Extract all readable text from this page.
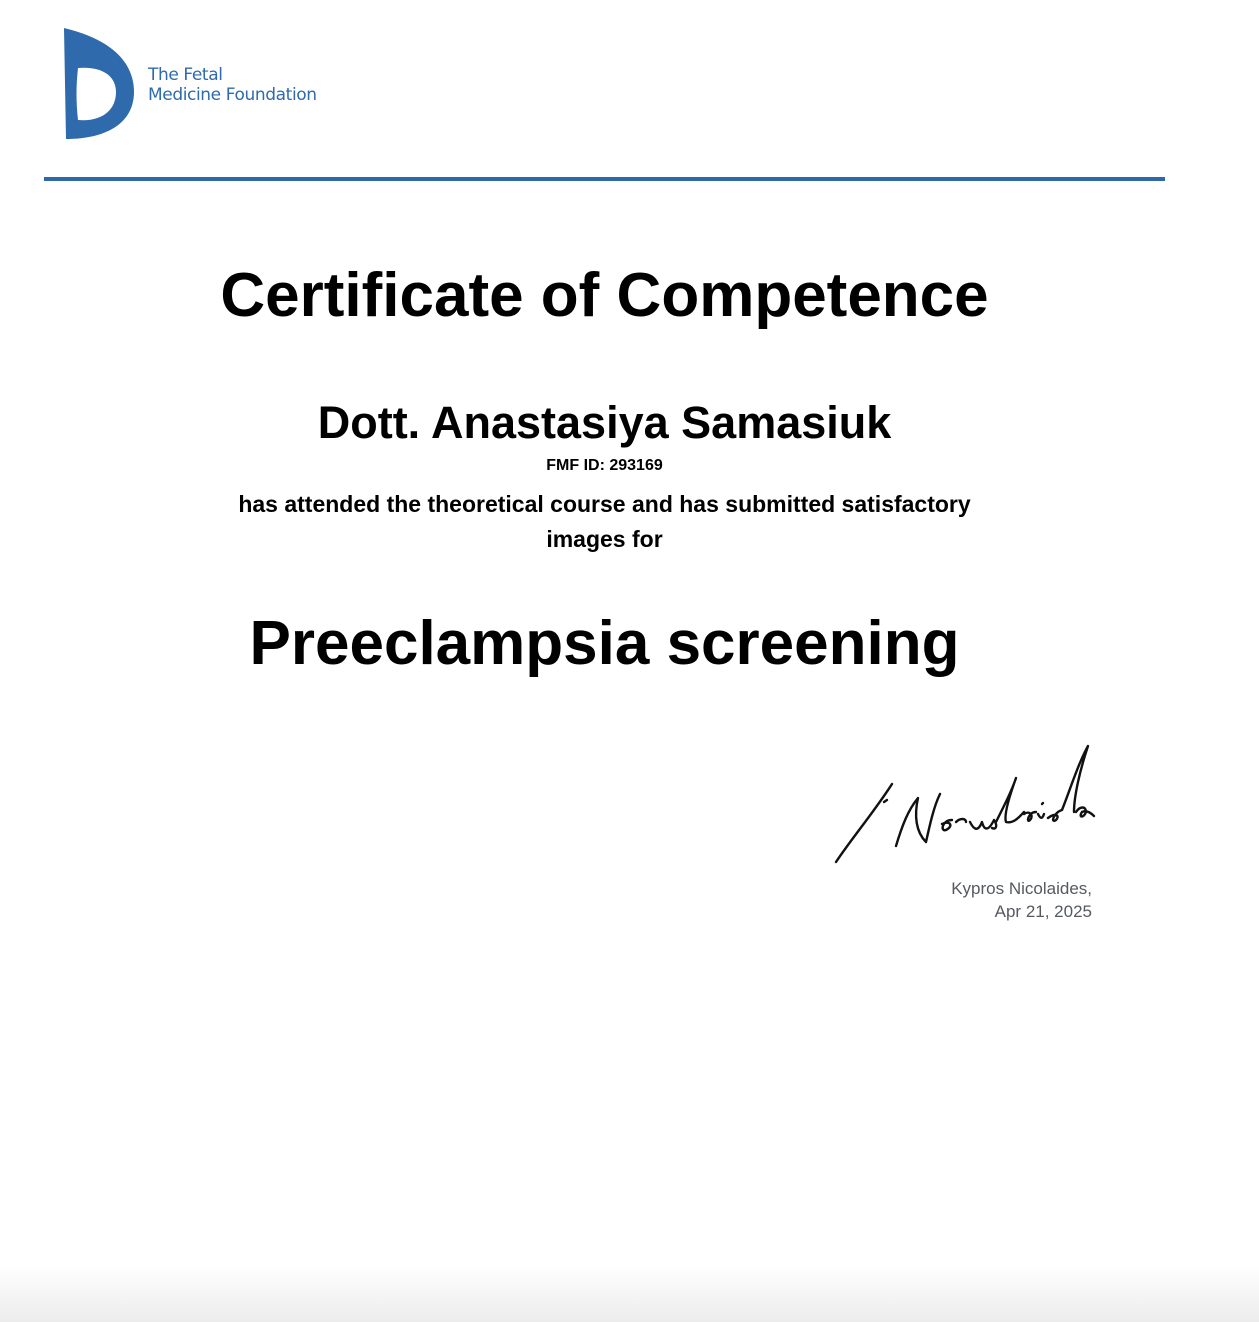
The Fetal
Medicine Foundation
Certificate of Competence
Dott. Anastasiya Samasiuk
FMF ID: 293169
has attended the theoretical course and has submitted satisfactory
images for
Preeclampsia screening
Kypros Nicolaides,
Apr 21, 2025
